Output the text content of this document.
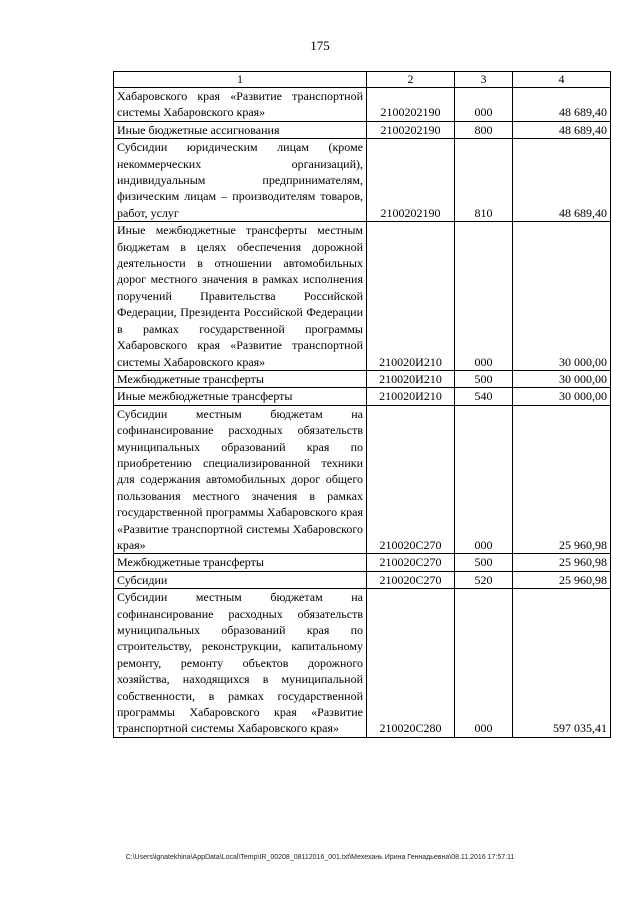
175
1	2	3	4
Хабаровского края «Развитие транспортной системы Хабаровского края»	2100202190	000	48 689,40
Иные бюджетные ассигнования	2100202190	800	48 689,40
Субсидии юридическим лицам (кроме некоммерческих организаций), индивидуальным предпринимателям, физическим лицам – производителям товаров, работ, услуг	2100202190	810	48 689,40
Иные межбюджетные трансферты местным бюджетам в целях обеспечения дорожной деятельности в отношении автомобильных дорог местного значения в рамках исполнения поручений Правительства Российской Федерации, Президента Российской Федерации в рамках государственной программы Хабаровского края «Развитие транспортной системы Хабаровского края»	210020И210	000	30 000,00
Межбюджетные трансферты	210020И210	500	30 000,00
Иные межбюджетные трансферты	210020И210	540	30 000,00
Субсидии местным бюджетам на софинансирование расходных обязательств муниципальных образований края по приобретению специализированной техники для содержания автомобильных дорог общего пользования местного значения в рамках государственной программы Хабаровского края «Развитие транспортной системы Хабаровского края»	210020С270	000	25 960,98
Межбюджетные трансферты	210020С270	500	25 960,98
Субсидии	210020С270	520	25 960,98
Субсидии местным бюджетам на софинансирование расходных обязательств муниципальных образований края по строительству, реконструкции, капитальному ремонту, ремонту объектов дорожного хозяйства, находящихся в муниципальной собственности, в рамках государственной программы Хабаровского края «Развитие транспортной системы Хабаровского края»	210020С280	000	597 035,41
C:\Users\ignatekhina\AppData\Local\Temp\IR_00208_08112016_001.txt\Мехехань Ирина Геннадьевна\08.11.2016 17:57:11
